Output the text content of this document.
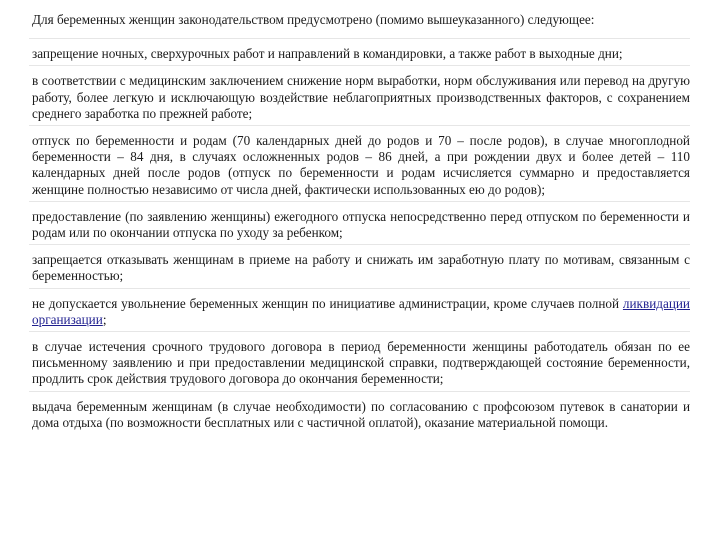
Для беременных женщин законодательством предусмотрено (помимо вышеуказанного) следующее:

запрещение ночных, сверхурочных работ и направлений в командировки, а также работ в выходные дни;

в соответствии с медицинским заключением снижение норм выработки, норм обслуживания или перевод на другую работу, более легкую и исключающую воздействие неблагоприятных производственных факторов, с сохранением среднего заработка по прежней работе;

отпуск по беременности и родам (70 календарных дней до родов и 70 – после родов), в случае многоплодной беременности – 84 дня, в случаях осложненных родов – 86 дней, а при рождении двух и более детей – 110 календарных дней после родов (отпуск по беременности и родам исчисляется суммарно и предоставляется женщине полностью независимо от числа дней, фактически использованных ею до родов);

предоставление (по заявлению женщины) ежегодного отпуска непосредственно перед отпуском по беременности и родам или по окончании отпуска по уходу за ребенком;

запрещается отказывать женщинам в приеме на работу и снижать им заработную плату по мотивам, связанным с беременностью;

не допускается увольнение беременных женщин по инициативе администрации, кроме случаев полной ликвидации организации;

в случае истечения срочного трудового договора в период беременности женщины работодатель обязан по ее письменному заявлению и при предоставлении медицинской справки, подтверждающей состояние беременности, продлить срок действия трудового договора до окончания беременности;

выдача беременным женщинам (в случае необходимости) по согласованию с профсоюзом путевок в санатории и дома отдыха (по возможности бесплатных или с частичной оплатой), оказание материальной помощи.
